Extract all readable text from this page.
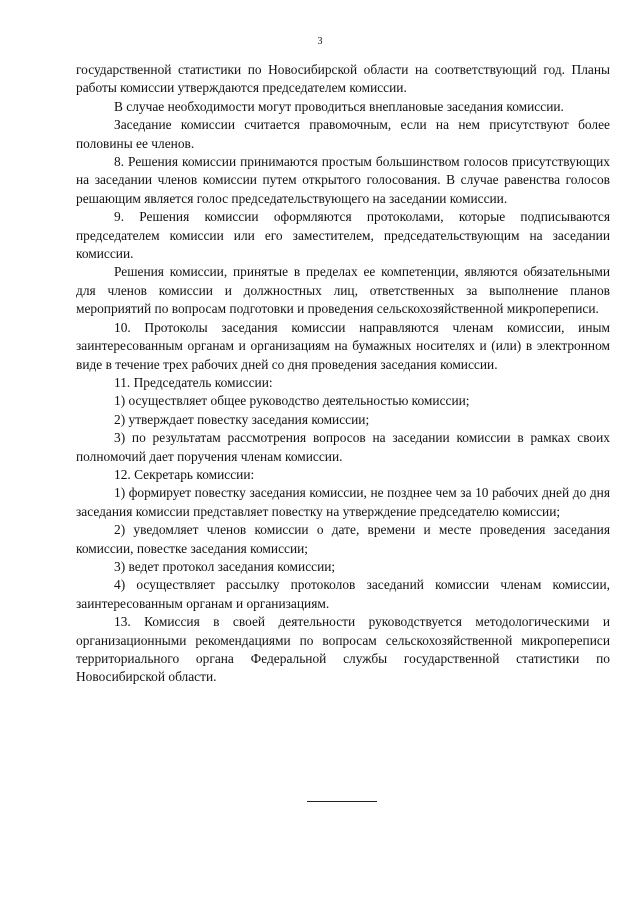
3

государственной статистики по Новосибирской области на соответствующий год. Планы работы комиссии утверждаются председателем комиссии.

В случае необходимости могут проводиться внеплановые заседания комиссии.

Заседание комиссии считается правомочным, если на нем присутствуют более половины ее членов.

8. Решения комиссии принимаются простым большинством голосов присутствующих на заседании членов комиссии путем открытого голосования. В случае равенства голосов решающим является голос председательствующего на заседании комиссии.

9. Решения комиссии оформляются протоколами, которые подписываются председателем комиссии или его заместителем, председательствующим на заседании комиссии.

Решения комиссии, принятые в пределах ее компетенции, являются обязательными для членов комиссии и должностных лиц, ответственных за выполнение планов мероприятий по вопросам подготовки и проведения сельскохозяйственной микропереписи.

10. Протоколы заседания комиссии направляются членам комиссии, иным заинтересованным органам и организациям на бумажных носителях и (или) в электронном виде в течение трех рабочих дней со дня проведения заседания комиссии.

11. Председатель комиссии:

1) осуществляет общее руководство деятельностью комиссии;

2) утверждает повестку заседания комиссии;

3) по результатам рассмотрения вопросов на заседании комиссии в рамках своих полномочий дает поручения членам комиссии.

12. Секретарь комиссии:

1) формирует повестку заседания комиссии, не позднее чем за 10 рабочих дней до дня заседания комиссии представляет повестку на утверждение председателю комиссии;

2) уведомляет членов комиссии о дате, времени и месте проведения заседания комиссии, повестке заседания комиссии;

3) ведет протокол заседания комиссии;

4) осуществляет рассылку протоколов заседаний комиссии членам комиссии, заинтересованным органам и организациям.

13. Комиссия в своей деятельности руководствуется методологическими и организационными рекомендациями по вопросам сельскохозяйственной микропереписи территориального органа Федеральной службы государственной статистики по Новосибирской области.
